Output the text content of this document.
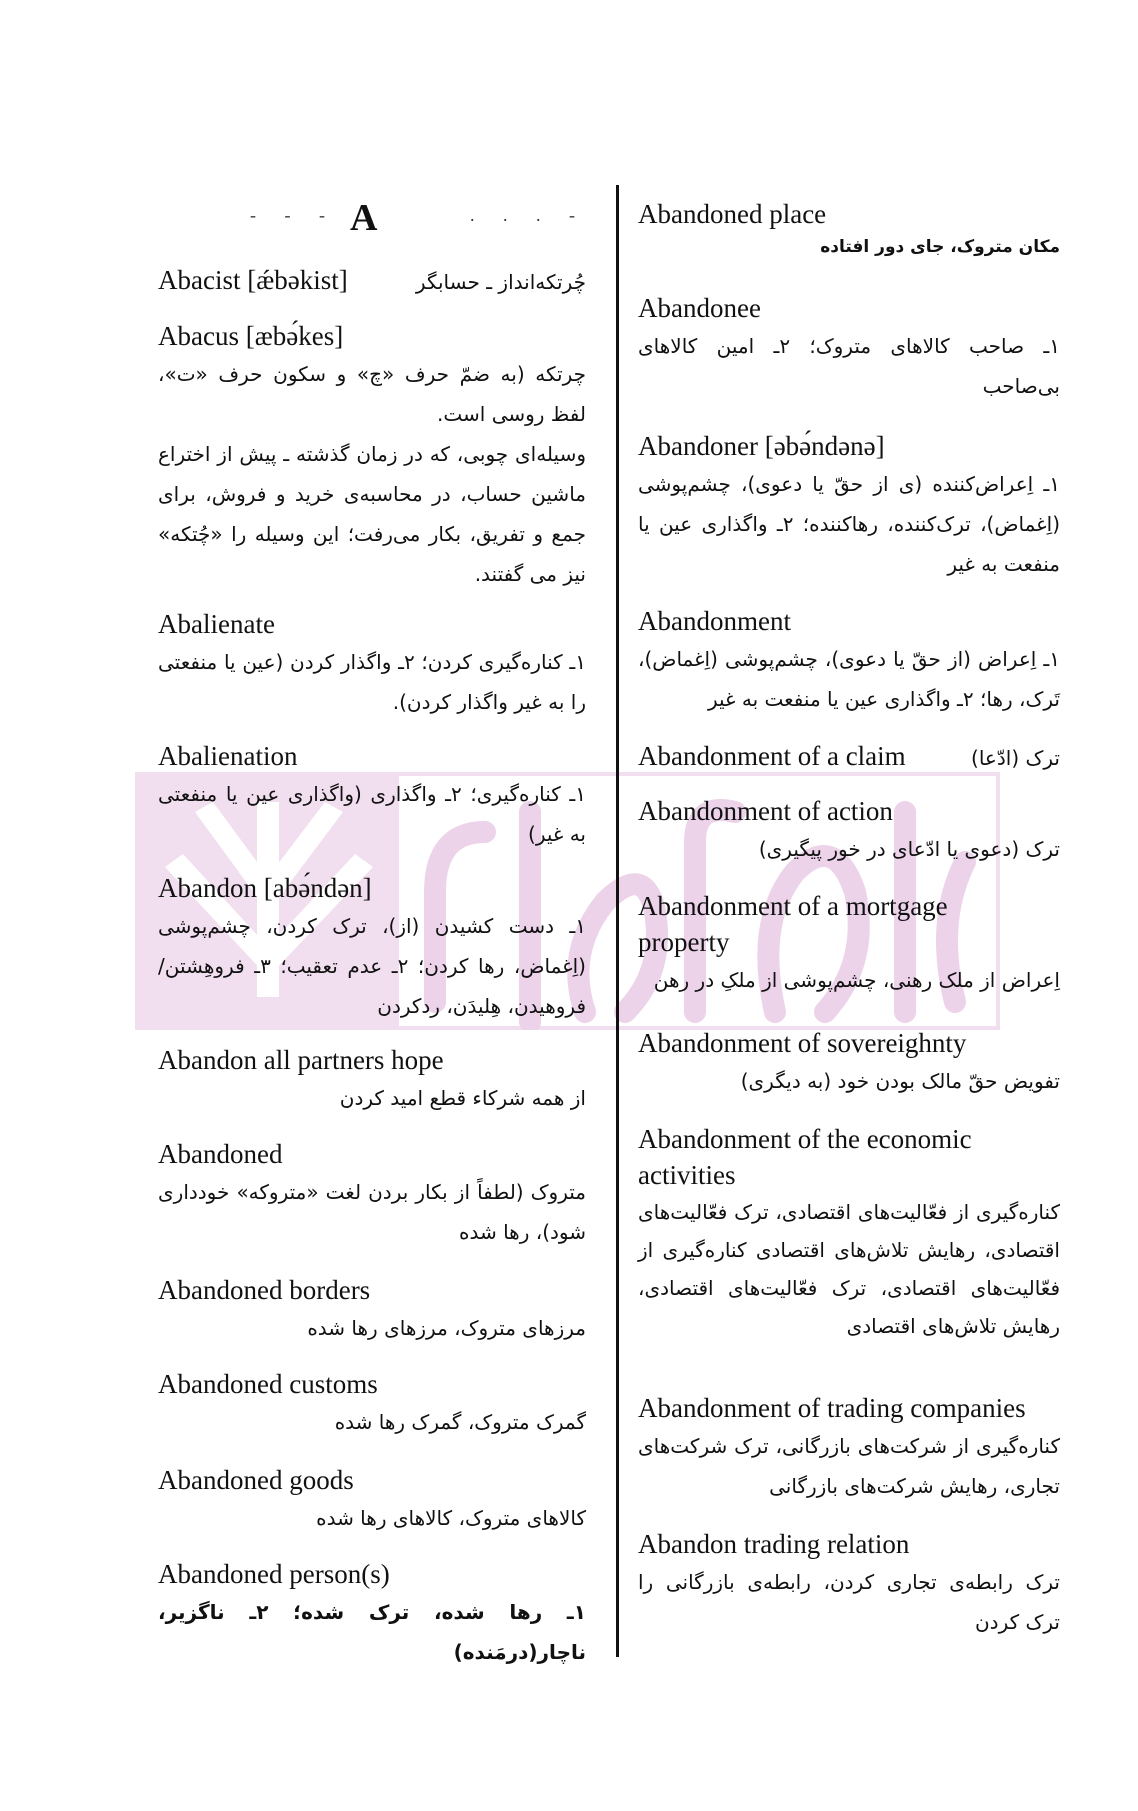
- - - A	. . . -
Abacist [ǽbəkist]	چُرتکه‌انداز ـ حسابگر
Abacus [æbə́kes]
چرتکه (به ضمّ حرف «چ» و سکون حرف «ت»، لفظ روسی است.
وسیله‌ای چوبی، که در زمان گذشته ـ پیش از اختراع ماشین حساب، در محاسبه‌ی خرید و فروش، برای جمع و تفریق، بکار می‌رفت؛ این وسیله را «چُتکه» نیز می گفتند.
Abalienate
۱ـ کناره‌گیری کردن؛ ۲ـ واگذار کردن (عین یا منفعتی را به غیر واگذار کردن).
Abalienation
۱ـ کناره‌گیری؛ ۲ـ واگذاری (واگذاری عین یا منفعتی به غیر)
Abandon [abə́ndən]
۱ـ دست کشیدن (از)، ترک کردن، چشم‌پوشی (اِغماض، رها کردن؛ ۲ـ عدم تعقیب؛ ۳ـ فروهِشتن/ فروهیدن، هِلیدَن، ردکردن
Abandon all partners hope
از همه شرکاء قطع امید کردن
Abandoned
متروک (لطفاً از بکار بردن لغت «متروکه» خودداری شود)، رها شده
Abandoned borders
مرزهای متروک، مرزهای رها شده
Abandoned customs
گمرک متروک، گمرک رها شده
Abandoned goods
کالاهای متروک، کالاهای رها شده
Abandoned person(s)
۱ـ رها شده، ترک شده؛ ۲ـ ناگزیر، ناچار(درمَنده)
Abandoned place
مکان متروک، جای دور افتاده
Abandonee
۱ـ صاحب کالاهای متروک؛ ۲ـ امین کالاهای بی‌صاحب
Abandoner [əbə́ndənə]
۱ـ اِعراض‌کننده (ی از حقّ یا دعوی)، چشم‌پوشی (اِغماض)، ترک‌کننده، رهاکننده؛ ۲ـ واگذاری عین یا منفعت به غیر
Abandonment
۱ـ اِعراض (از حقّ یا دعوی)، چشم‌پوشی (اِغماض)، تَرک، رها؛ ۲ـ واگذاری عین یا منفعت به غیر
Abandonment of a claim	ترک (ادّعا)
Abandonment of action
ترک (دعوی یا ادّعای در خور پیگیری)
Abandonment of a mortgage property
اِعراض از ملک رهنی، چشم‌پوشی از ملکِ در رهن
Abandonment of sovereighnty
تفویض حقّ مالک بودن خود (به دیگری)
Abandonment of the economic activities
کناره‌گیری از فعّالیت‌های اقتصادی، ترک فعّالیت‌های اقتصادی، رهایش تلاش‌های اقتصادی کناره‌گیری از فعّالیت‌های اقتصادی، ترک فعّالیت‌های اقتصادی، رهایش تلاش‌های اقتصادی
Abandonment of trading companies
کناره‌گیری از شرکت‌های بازرگانی، ترک شرکت‌های تجاری، رهایش شرکت‌های بازرگانی
Abandon trading relation
ترک رابطه‌ی تجاری کردن، رابطه‌ی بازرگانی را ترک کردن
